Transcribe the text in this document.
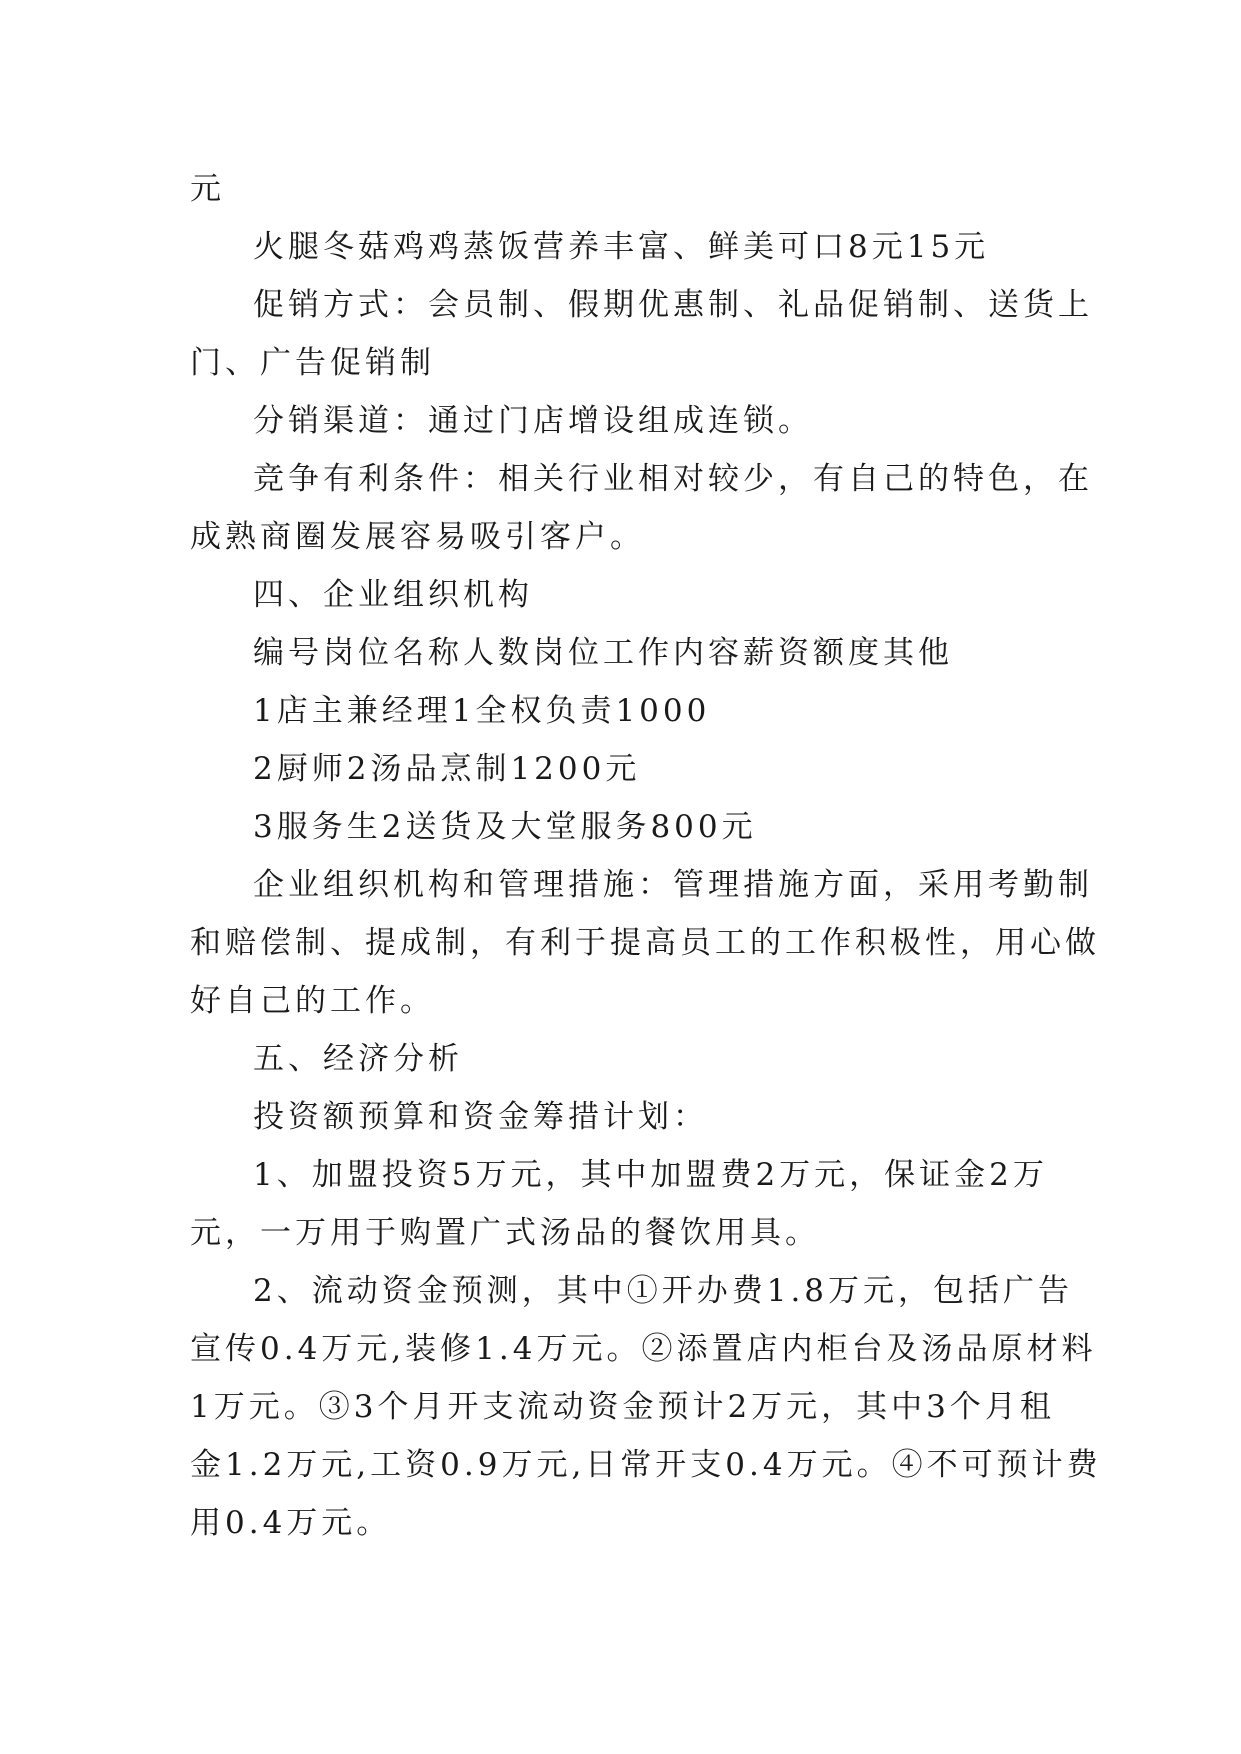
元

火腿冬菇鸡鸡蒸饭营养丰富、鲜美可口8元15元

促销方式：会员制、假期优惠制、礼品促销制、送货上

门、广告促销制

分销渠道：通过门店增设组成连锁。

竞争有利条件：相关行业相对较少，有自己的特色，在

成熟商圈发展容易吸引客户。

四、企业组织机构

编号岗位名称人数岗位工作内容薪资额度其他

1店主兼经理1全权负责1000

2厨师2汤品烹制1200元

3服务生2送货及大堂服务800元

企业组织机构和管理措施：管理措施方面，采用考勤制

和赔偿制、提成制，有利于提高员工的工作积极性，用心做

好自己的工作。

五、经济分析

投资额预算和资金筹措计划：

1、加盟投资5万元，其中加盟费2万元，保证金2万

元，一万用于购置广式汤品的餐饮用具。

2、流动资金预测，其中①开办费1.8万元，包括广告

宣传0.4万元,装修1.4万元。②添置店内柜台及汤品原材料

1万元。③3个月开支流动资金预计2万元，其中3个月租

金1.2万元,工资0.9万元,日常开支0.4万元。④不可预计费

用0.4万元。
